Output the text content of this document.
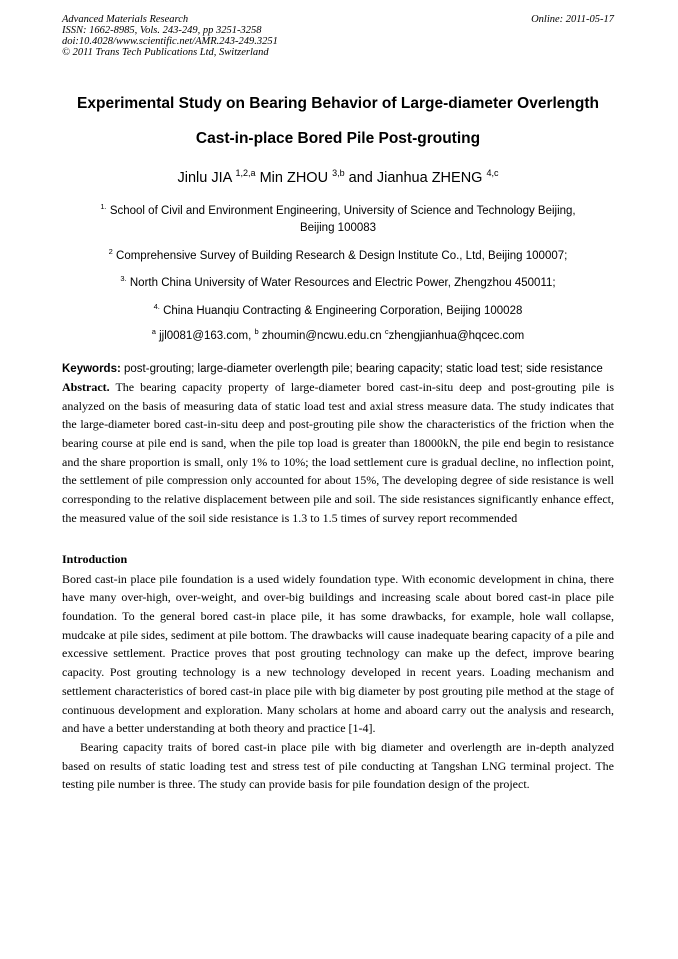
Advanced Materials Research
ISSN: 1662-8985, Vols. 243-249, pp 3251-3258
doi:10.4028/www.scientific.net/AMR.243-249.3251
© 2011 Trans Tech Publications Ltd, Switzerland
Online: 2011-05-17
Experimental Study on Bearing Behavior of Large-diameter Overlength
Cast-in-place Bored Pile Post-grouting
Jinlu JIA $^{1,2,a}$ Min ZHOU $^{3,b}$ and Jianhua ZHENG $^{4,c}$
$^{1.}$ School of Civil and Environment Engineering, University of Science and Technology Beijing,
Beijing 100083
$^2$ Comprehensive Survey of Building Research & Design Institute Co., Ltd, Beijing 100007;
$^{3.}$ North China University of Water Resources and Electric Power, Zhengzhou 450011;
$^{4.}$ China Huanqiu Contracting & Engineering Corporation, Beijing 100028
$^a$ jjl0081@163.com, $^b$ zhoumin@ncwu.edu.cn $^c$zhengjianhua@hqcec.com
Keywords: post-grouting; large-diameter overlength pile; bearing capacity; static load test; side resistance
Abstract. The bearing capacity property of large-diameter bored cast-in-situ deep and post-grouting pile is analyzed on the basis of measuring data of static load test and axial stress measure data. The study indicates that the large-diameter bored cast-in-situ deep and post-grouting pile show the characteristics of the friction when the bearing course at pile end is sand, when the pile top load is greater than 18000kN, the pile end begin to resistance and the share proportion is small, only 1% to 10%; the load settlement cure is gradual decline, no inflection point, the settlement of pile compression only accounted for about 15%, The developing degree of side resistance is well corresponding to the relative displacement between pile and soil. The side resistances significantly enhance effect, the measured value of the soil side resistance is 1.3 to 1.5 times of survey report recommended
Introduction

Bored cast-in place pile foundation is a used widely foundation type. With economic development in china, there have many over-high, over-weight, and over-big buildings and increasing scale about bored cast-in place pile foundation. To the general bored cast-in place pile, it has some drawbacks, for example, hole wall collapse, mudcake at pile sides, sediment at pile bottom. The drawbacks will cause inadequate bearing capacity of a pile and excessive settlement. Practice proves that post grouting technology can make up the defect, improve bearing capacity. Post grouting technology is a new technology developed in recent years. Loading mechanism and settlement characteristics of bored cast-in place pile with big diameter by post grouting pile method at the stage of continuous development and exploration. Many scholars at home and aboard carry out the analysis and research, and have a better understanding at both theory and practice [1-4].

Bearing capacity traits of bored cast-in place pile with big diameter and overlength are in-depth analyzed based on results of static loading test and stress test of pile conducting at Tangshan LNG terminal project. The testing pile number is three. The study can provide basis for pile foundation design of the project.
